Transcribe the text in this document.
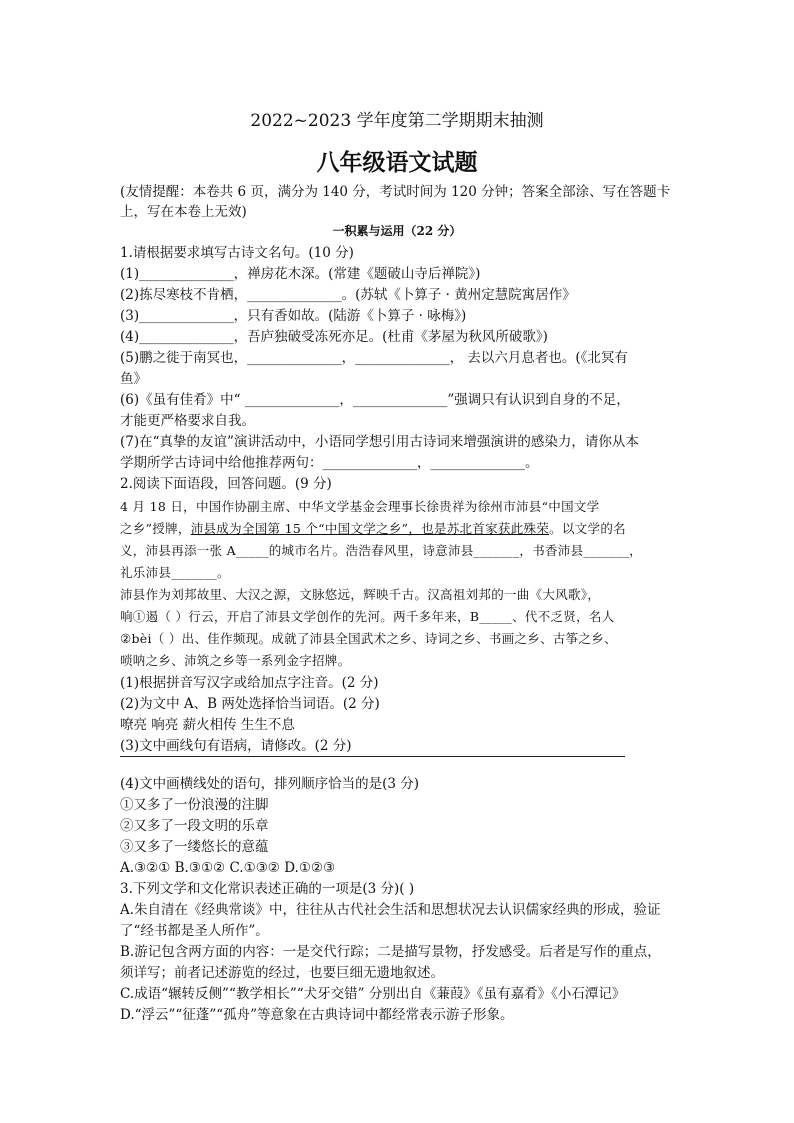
2022~2023 学年度第二学期期末抽测
八年级语文试题
(友情提醒：本卷共 6 页，满分为 140 分，考试时间为 120 分钟；答案全部涂、写在答题卡
上，写在本卷上无效)
一积累与运用（22 分）
1.请根据要求填写古诗文名句。(10 分)
(1)______________，禅房花木深。(常建《题破山寺后禅院》)
(2)拣尽寒枝不肯栖，______________。(苏轼《卜算子 · 黄州定慧院寓居作》
(3)______________，只有香如故。(陆游《卜算子 · 咏梅》)
(4)______________，吾庐独破受冻死亦足。(杜甫《茅屋为秋风所破歌》)
(5)鹏之徙于南冥也，______________，______________， 去以六月息者也。(《北冥有
鱼》
(6)《虽有佳肴》中“ ______________，______________”强调只有认识到自身的不足，
才能更严格要求自我。
(7)在“真挚的友谊”演讲活动中，小语同学想引用古诗词来增强演讲的感染力，请你从本
学期所学古诗词中给他推荐两句：______________，______________。
2.阅读下面语段，回答问题。(9 分)
4 月 18 日，中国作协副主席、中华文学基金会理事长徐贵祥为徐州市沛县“中国文学
之乡”授牌，沛县成为全国第 15 个“中国文学之乡”，也是苏北首家获此殊荣。以文学的名
义，沛县再添一张 A_____的城市名片。浩浩春风里，诗意沛县_______，书香沛县_______，
礼乐沛县_______。
沛县作为刘邦故里、大汉之源，文脉悠远，辉映千古。汉高祖刘邦的一曲《大风歌》，
响①遏（ ）行云，开启了沛县文学创作的先河。两千多年来，B_____、代不乏贤，名人
②bèi（ ）出、佳作频现。成就了沛县全国武术之乡、诗词之乡、书画之乡、古筝之乡、
唢呐之乡、沛筑之乡等一系列金字招牌。
(1)根据拼音写汉字或给加点字注音。(2 分)
(2)为文中 A、B 两处选择恰当词语。(2 分)
嘹亮 响亮 薪火相传 生生不息
(3)文中画线句有语病，请修改。(2 分)
(4)文中画横线处的语句，排列顺序恰当的是(3 分)
①又多了一份浪漫的注脚
②又多了一段文明的乐章
③又多了一缕悠长的意蕴
A.③②① B.③①② C.①③② D.①②③
3.下列文学和文化常识表述正确的一项是(3 分)( )
A.朱自清在《经典常谈》中，往往从古代社会生活和思想状况去认识儒家经典的形成，验证
了“经书都是圣人所作”。
B.游记包含两方面的内容：一是交代行踪；二是描写景物，抒发感受。后者是写作的重点，
须详写；前者记述游览的经过，也要巨细无遗地叙述。
C.成语“辗转反侧”“教学相长”“犬牙交错” 分别出自《蒹葭》《虽有嘉肴》《小石潭记》
D.“浮云”“征蓬”“孤舟”等意象在古典诗词中都经常表示游子形象。
